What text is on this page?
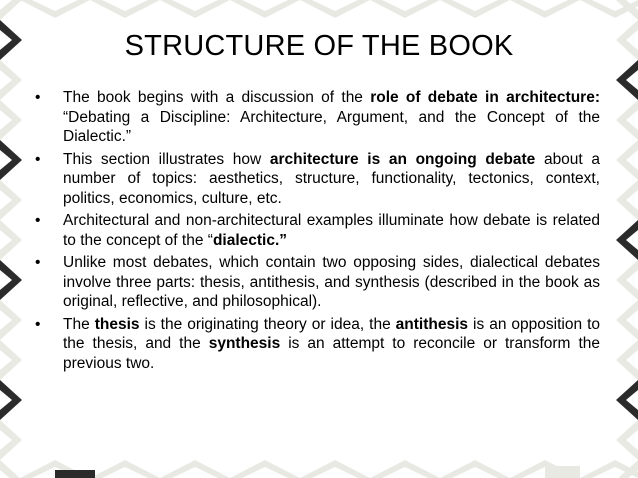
STRUCTURE OF THE BOOK
• The book begins with a discussion of the role of debate in architecture: “Debating a Discipline: Architecture, Argument, and the Concept of the Dialectic.”
• This section illustrates how architecture is an ongoing debate about a number of topics: aesthetics, structure, functionality, tectonics, context, politics, economics, culture, etc.
• Architectural and non-architectural examples illuminate how debate is related to the concept of the “dialectic.”
• Unlike most debates, which contain two opposing sides, dialectical debates involve three parts: thesis, antithesis, and synthesis (described in the book as original, reflective, and philosophical).
• The thesis is the originating theory or idea, the antithesis is an opposition to the thesis, and the synthesis is an attempt to reconcile or transform the previous two.
